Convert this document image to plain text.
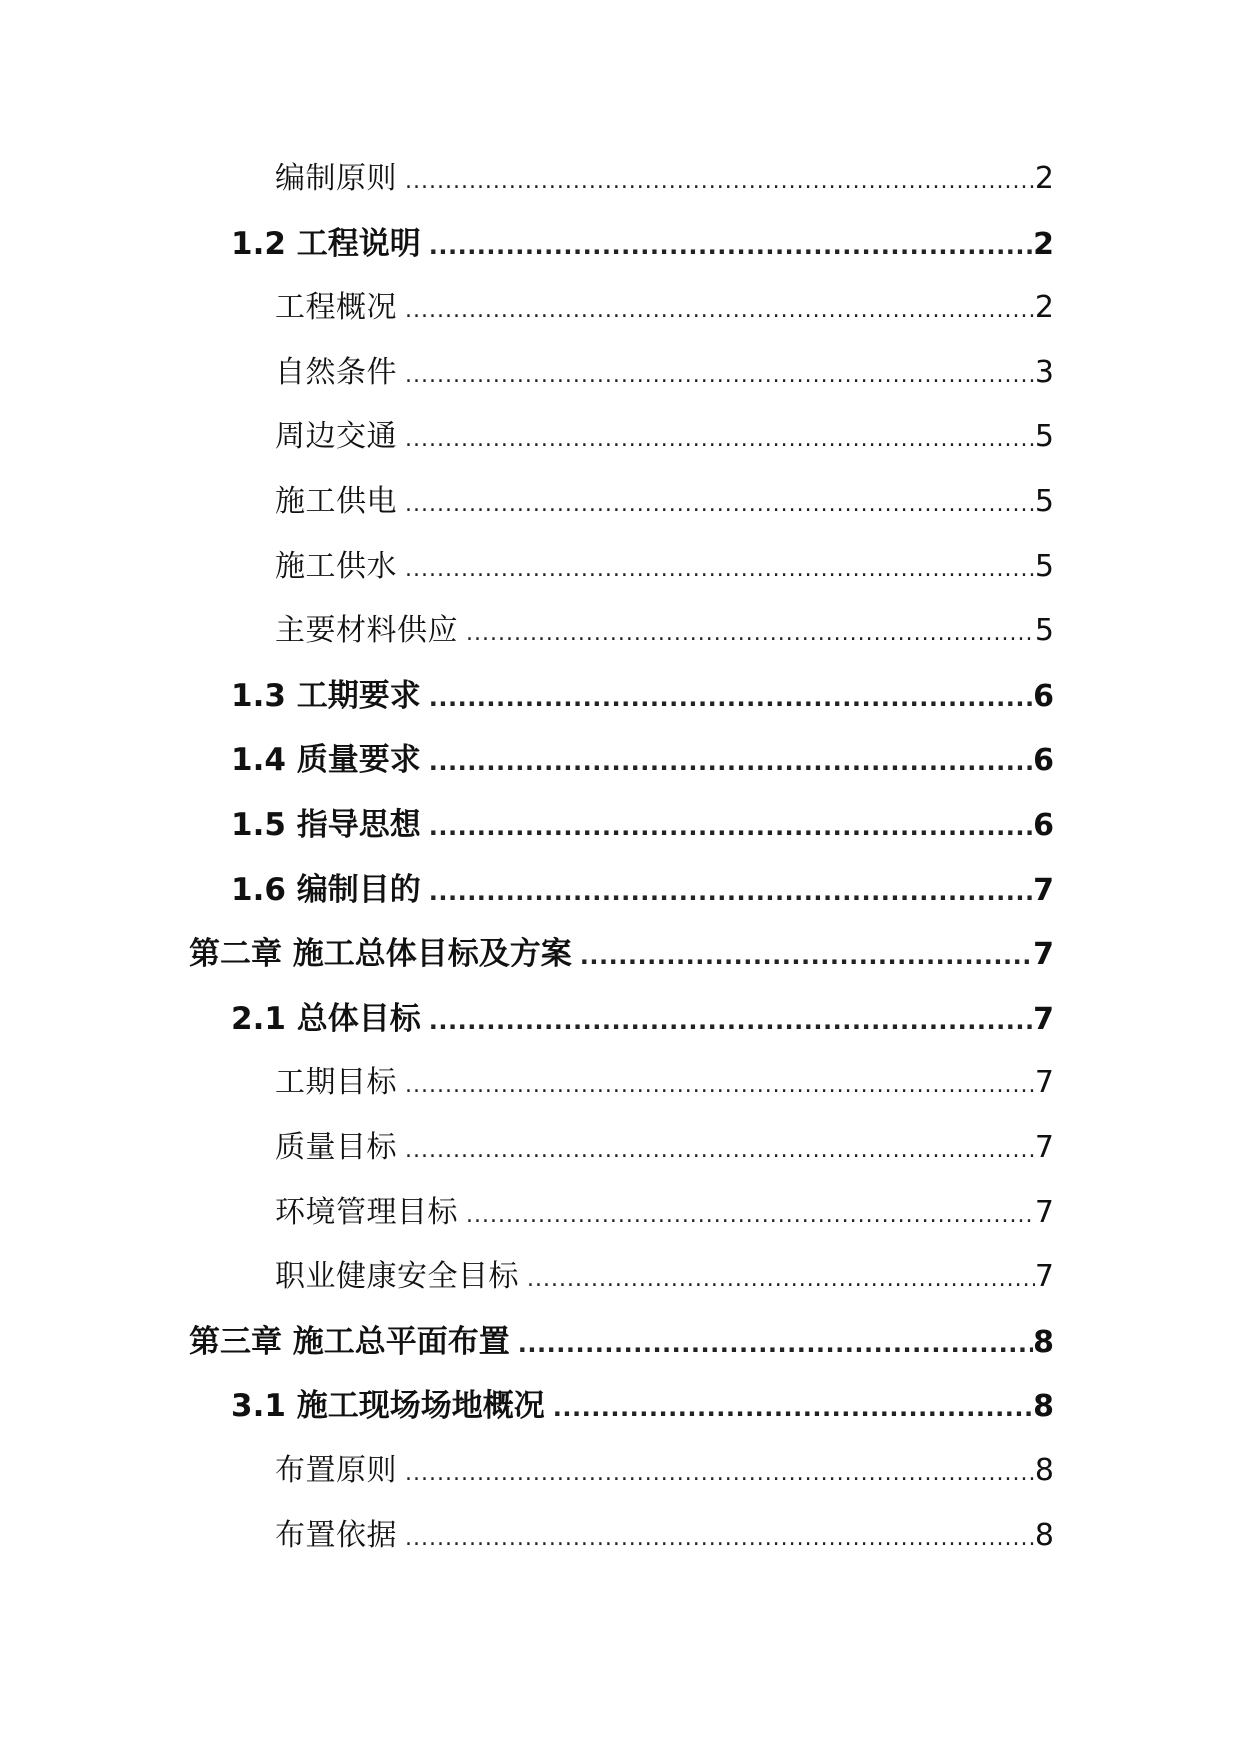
编制原则 .....	2
1.2 工程说明 .....	2
工程概况 .....	2
自然条件 .....	3
周边交通 .....	5
施工供电 .....	5
施工供水 .....	5
主要材料供应 .....	5
1.3 工期要求 .....	6
1.4 质量要求 .....	6
1.5 指导思想 .....	6
1.6 编制目的 .....	7
第二章 施工总体目标及方案 .....	7
2.1 总体目标 .....	7
工期目标 .....	7
质量目标 .....	7
环境管理目标 .....	7
职业健康安全目标 .....	7
第三章 施工总平面布置 .....	8
3.1 施工现场场地概况 .....	8
布置原则 .....	8
布置依据 .....	8
